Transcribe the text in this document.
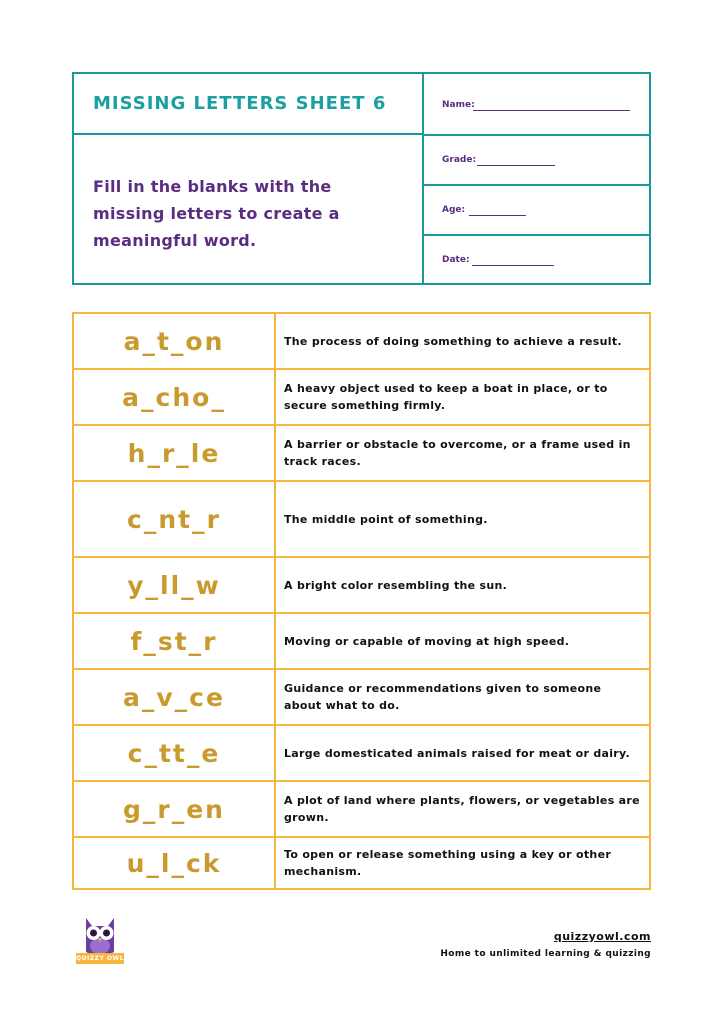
MISSING LETTERS SHEET 6
Fill in the blanks with the missing letters to create a meaningful word.
Name:
Grade:
Age:
Date:
a_t_on	The process of doing something to achieve a result.
a_cho_	A heavy object used to keep a boat in place, or to secure something firmly.
h_r_le	A barrier or obstacle to overcome, or a frame used in track races.
c_nt_r	The middle point of something.
y_ll_w	A bright color resembling the sun.
f_st_r	Moving or capable of moving at high speed.
a_v_ce	Guidance or recommendations given to someone about what to do.
c_tt_e	Large domesticated animals raised for meat or dairy.
g_r_en	A plot of land where plants, flowers, or vegetables are grown.
u_l_ck	To open or release something using a key or other mechanism.
QUIZZY OWL
quizzyowl.com
Home to unlimited learning & quizzing
